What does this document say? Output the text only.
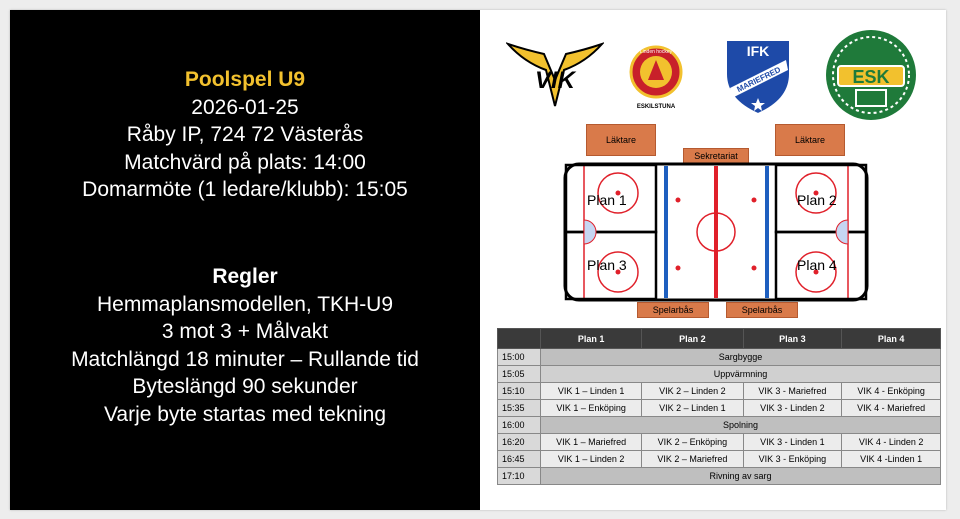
Poolspel U9
2026-01-25
Råby IP, 724 72 Västerås
Matchvärd på plats: 14:00
Domarmöte (1 ledare/klubb): 15:05
Regler
Hemmaplansmodellen, TKH-U9
3 mot 3 + Målvakt
Matchlängd 18 minuter – Rullande tid
Byteslängd 90 sekunder
Varje byte startas med tekning
VIK
Linden hockey
ESKILSTUNA
IFK
MARIEFRED	ESK
Läktare	Läktare
Sekretariat
Spelarbås	Spelarbås
Plan 1	Plan 2
Plan 3	Plan 4
	Plan 1	Plan 2	Plan 3	Plan 4
15:00	Sargbygge			
15:05	Uppvärmning			
15:10	VIK 1 – Linden 1	VIK 2 – Linden 2	VIK 3 - Mariefred	VIK 4 - Enköping
15:35	VIK 1 – Enköping	VIK 2 – Linden 1	VIK 3 - Linden 2	VIK 4 - Mariefred
16:00	Spolning			
16:20	VIK 1 – Mariefred	VIK 2 – Enköping	VIK 3 - Linden 1	VIK 4 - Linden 2
16:45	VIK 1 – Linden 2	VIK 2 – Mariefred	VIK 3 - Enköping	VIK 4 -Linden 1
17:10	Rivning av sarg			
